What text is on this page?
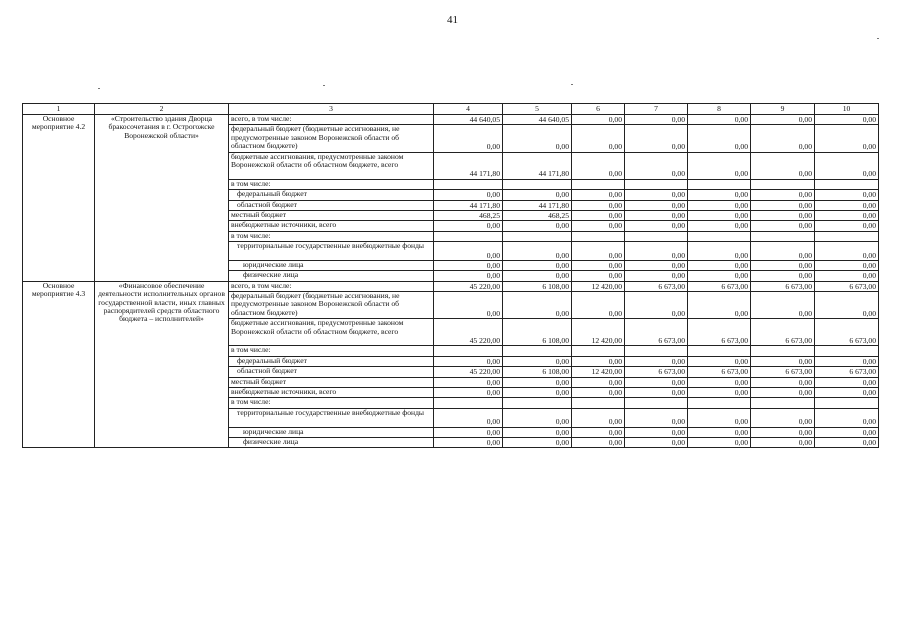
41
1	2	3	4	5	6	7	8	9	10
Основное мероприятие 4.2	«Строительство здания Дворца бракосочетания в г. Острогожске Воронежской области»	всего, в том числе:	44 640,05	44 640,05	0,00	0,00	0,00	0,00	0,00
		федеральный бюджет (бюджетные ассигнования, не предусмотренные законом Воронежской области об областном бюджете)	0,00	0,00	0,00	0,00	0,00	0,00	0,00
		бюджетные ассигнования, предусмотренные законом Воронежской области об областном бюджете, всего	44 171,80	44 171,80	0,00	0,00	0,00	0,00	0,00
		в том числе:							
		федеральный бюджет	0,00	0,00	0,00	0,00	0,00	0,00	0,00
		областной бюджет	44 171,80	44 171,80	0,00	0,00	0,00	0,00	0,00
		местный бюджет	468,25	468,25	0,00	0,00	0,00	0,00	0,00
		внебюджетные источники, всего	0,00	0,00	0,00	0,00	0,00	0,00	0,00
		в том числе:							
		территориальные государственные внебюджетные фонды	0,00	0,00	0,00	0,00	0,00	0,00	0,00
		юридические лица	0,00	0,00	0,00	0,00	0,00	0,00	0,00
		физические лица	0,00	0,00	0,00	0,00	0,00	0,00	0,00
Основное мероприятие 4.3	«Финансовое обеспечение деятельности исполнительных органов государственной власти, иных главных распорядителей средств областного бюджета – исполнителей»	всего, в том числе:	45 220,00	6 108,00	12 420,00	6 673,00	6 673,00	6 673,00	6 673,00
		федеральный бюджет (бюджетные ассигнования, не предусмотренные законом Воронежской области об областном бюджете)	0,00	0,00	0,00	0,00	0,00	0,00	0,00
		бюджетные ассигнования, предусмотренные законом Воронежской области об областном бюджете, всего	45 220,00	6 108,00	12 420,00	6 673,00	6 673,00	6 673,00	6 673,00
		в том числе:							
		федеральный бюджет	0,00	0,00	0,00	0,00	0,00	0,00	0,00
		областной бюджет	45 220,00	6 108,00	12 420,00	6 673,00	6 673,00	6 673,00	6 673,00
		местный бюджет	0,00	0,00	0,00	0,00	0,00	0,00	0,00
		внебюджетные источники, всего	0,00	0,00	0,00	0,00	0,00	0,00	0,00
		в том числе:							
		территориальные государственные внебюджетные фонды	0,00	0,00	0,00	0,00	0,00	0,00	0,00
		юридические лица	0,00	0,00	0,00	0,00	0,00	0,00	0,00
		физические лица	0,00	0,00	0,00	0,00	0,00	0,00	0,00
